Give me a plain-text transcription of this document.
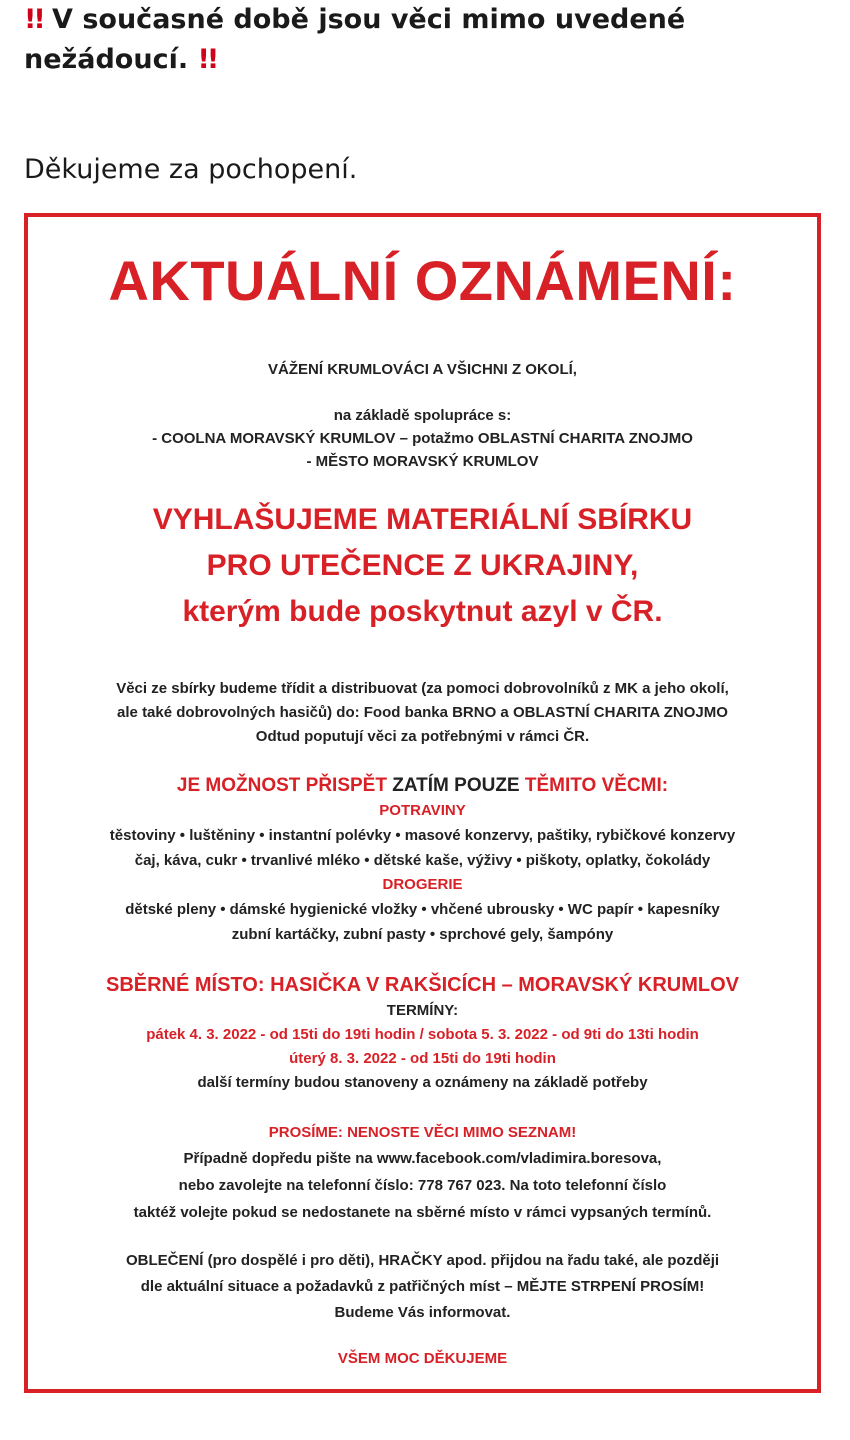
!! V současné době jsou věci mimo uvedené
nežádoucí. !!
Děkujeme za pochopení.
AKTUÁLNÍ OZNÁMENÍ:
VÁŽENÍ KRUMLOVÁCI A VŠICHNI Z OKOLÍ,
na základě spolupráce s:
- COOLNA MORAVSKÝ KRUMLOV – potažmo OBLASTNÍ CHARITA ZNOJMO
- MĚSTO MORAVSKÝ KRUMLOV
VYHLAŠUJEME MATERIÁLNÍ SBÍRKU
PRO UTEČENCE Z UKRAJINY,
kterým bude poskytnut azyl v ČR.
Věci ze sbírky budeme třídit a distribuovat (za pomoci dobrovolníků z MK a jeho okolí,
ale také dobrovolných hasičů) do: Food banka BRNO a OBLASTNÍ CHARITA ZNOJMO
Odtud poputují věci za potřebnými v rámci ČR.
JE MOŽNOST PŘISPĚT ZATÍM POUZE TĚMITO VĚCMI:
POTRAVINY
těstoviny • luštěniny • instantní polévky • masové konzervy, paštiky, rybičkové konzervy
čaj, káva, cukr • trvanlivé mléko • dětské kaše, výživy • piškoty, oplatky, čokolády
DROGERIE
dětské pleny • dámské hygienické vložky • vhčené ubrousky • WC papír • kapesníky
zubní kartáčky, zubní pasty • sprchové gely, šampóny
SBĚRNÉ MÍSTO: HASIČKA V RAKŠICÍCH – MORAVSKÝ KRUMLOV
TERMÍNY:
pátek 4. 3. 2022 - od 15ti do 19ti hodin / sobota 5. 3. 2022 - od 9ti do 13ti hodin
úterý 8. 3. 2022 - od 15ti do 19ti hodin
další termíny budou stanoveny a oznámeny na základě potřeby
PROSÍME: NENOSTE VĚCI MIMO SEZNAM!
Případně dopředu pište na www.facebook.com/vladimira.boresova,
nebo zavolejte na telefonní číslo: 778 767 023. Na toto telefonní číslo
taktéž volejte pokud se nedostanete na sběrné místo v rámci vypsaných termínů.
OBLEČENÍ (pro dospělé i pro děti), HRAČKY apod. přijdou na řadu také, ale později
dle aktuální situace a požadavků z patřičných míst – MĚJTE STRPENÍ PROSÍM!
Budeme Vás informovat.
VŠEM MOC DĚKUJEME
